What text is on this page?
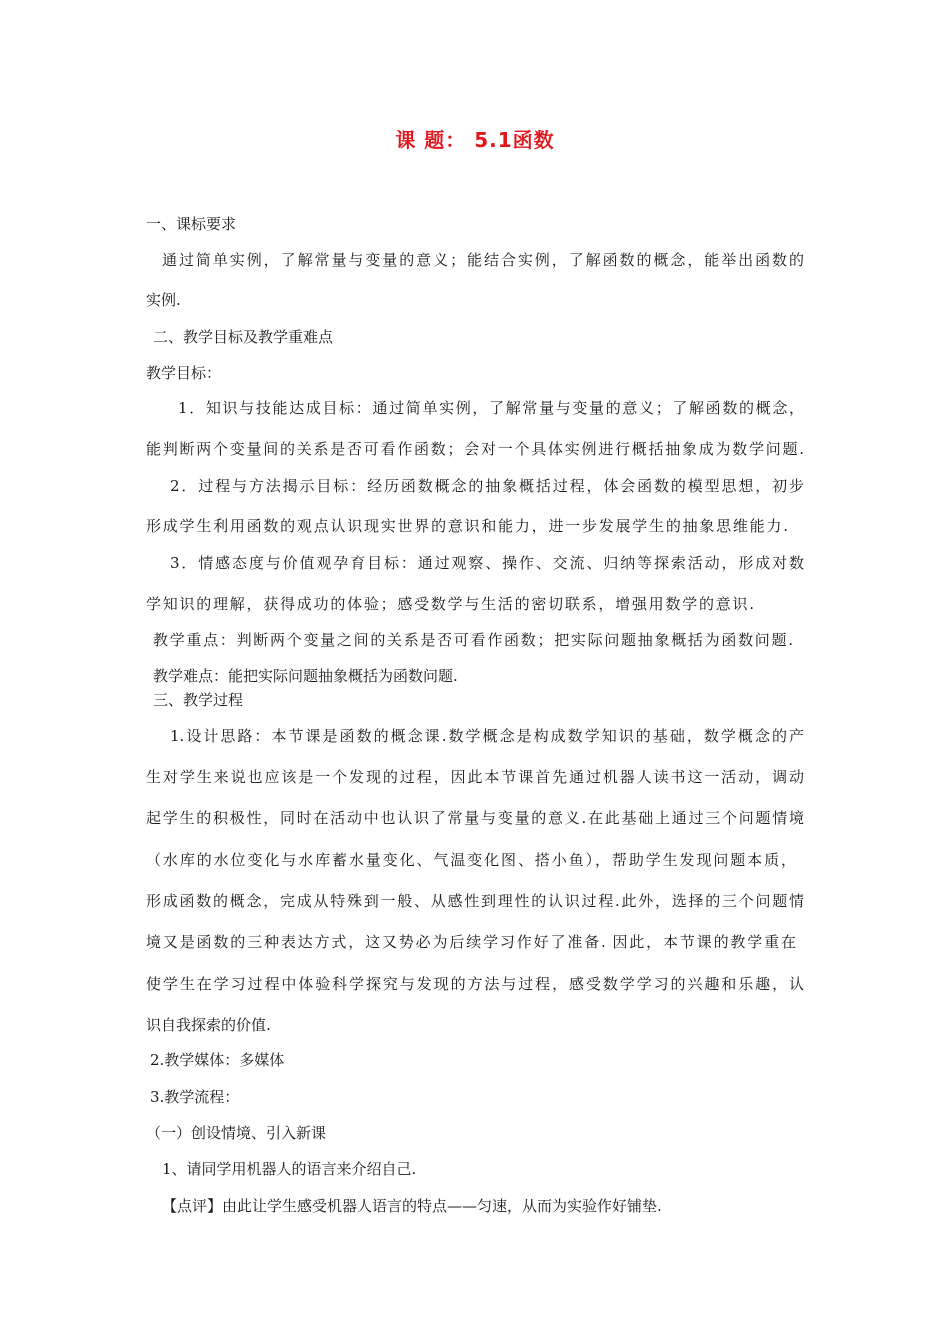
课 题： 5.1函数
一、课标要求
通过简单实例，了解常量与变量的意义；能结合实例，了解函数的概念，能举出函数的
实例.
二、教学目标及教学重难点
教学目标：
1．知识与技能达成目标：通过简单实例，了解常量与变量的意义；了解函数的概念，
能判断两个变量间的关系是否可看作函数；会对一个具体实例进行概括抽象成为数学问题.
2．过程与方法揭示目标：经历函数概念的抽象概括过程，体会函数的模型思想，初步
形成学生利用函数的观点认识现实世界的意识和能力，进一步发展学生的抽象思维能力.
3．情感态度与价值观孕育目标：通过观察、操作、交流、归纳等探索活动，形成对数
学知识的理解，获得成功的体验；感受数学与生活的密切联系，增强用数学的意识.
教学重点：判断两个变量之间的关系是否可看作函数；把实际问题抽象概括为函数问题.
教学难点：能把实际问题抽象概括为函数问题.
三、教学过程
1.设计思路：本节课是函数的概念课.数学概念是构成数学知识的基础，数学概念的产
生对学生来说也应该是一个发现的过程，因此本节课首先通过机器人读书这一活动，调动
起学生的积极性，同时在活动中也认识了常量与变量的意义.在此基础上通过三个问题情境
（水库的水位变化与水库蓄水量变化、气温变化图、搭小鱼），帮助学生发现问题本质，
形成函数的概念，完成从特殊到一般、从感性到理性的认识过程.此外，选择的三个问题情
境又是函数的三种表达方式，这又势必为后续学习作好了准备. 因此，本节课的教学重在
使学生在学习过程中体验科学探究与发现的方法与过程，感受数学学习的兴趣和乐趣，认
识自我探索的价值.
2.教学媒体：多媒体
3.教学流程：
（一）创设情境、引入新课
1、请同学用机器人的语言来介绍自己.
【点评】由此让学生感受机器人语言的特点——匀速，从而为实验作好铺垫.
